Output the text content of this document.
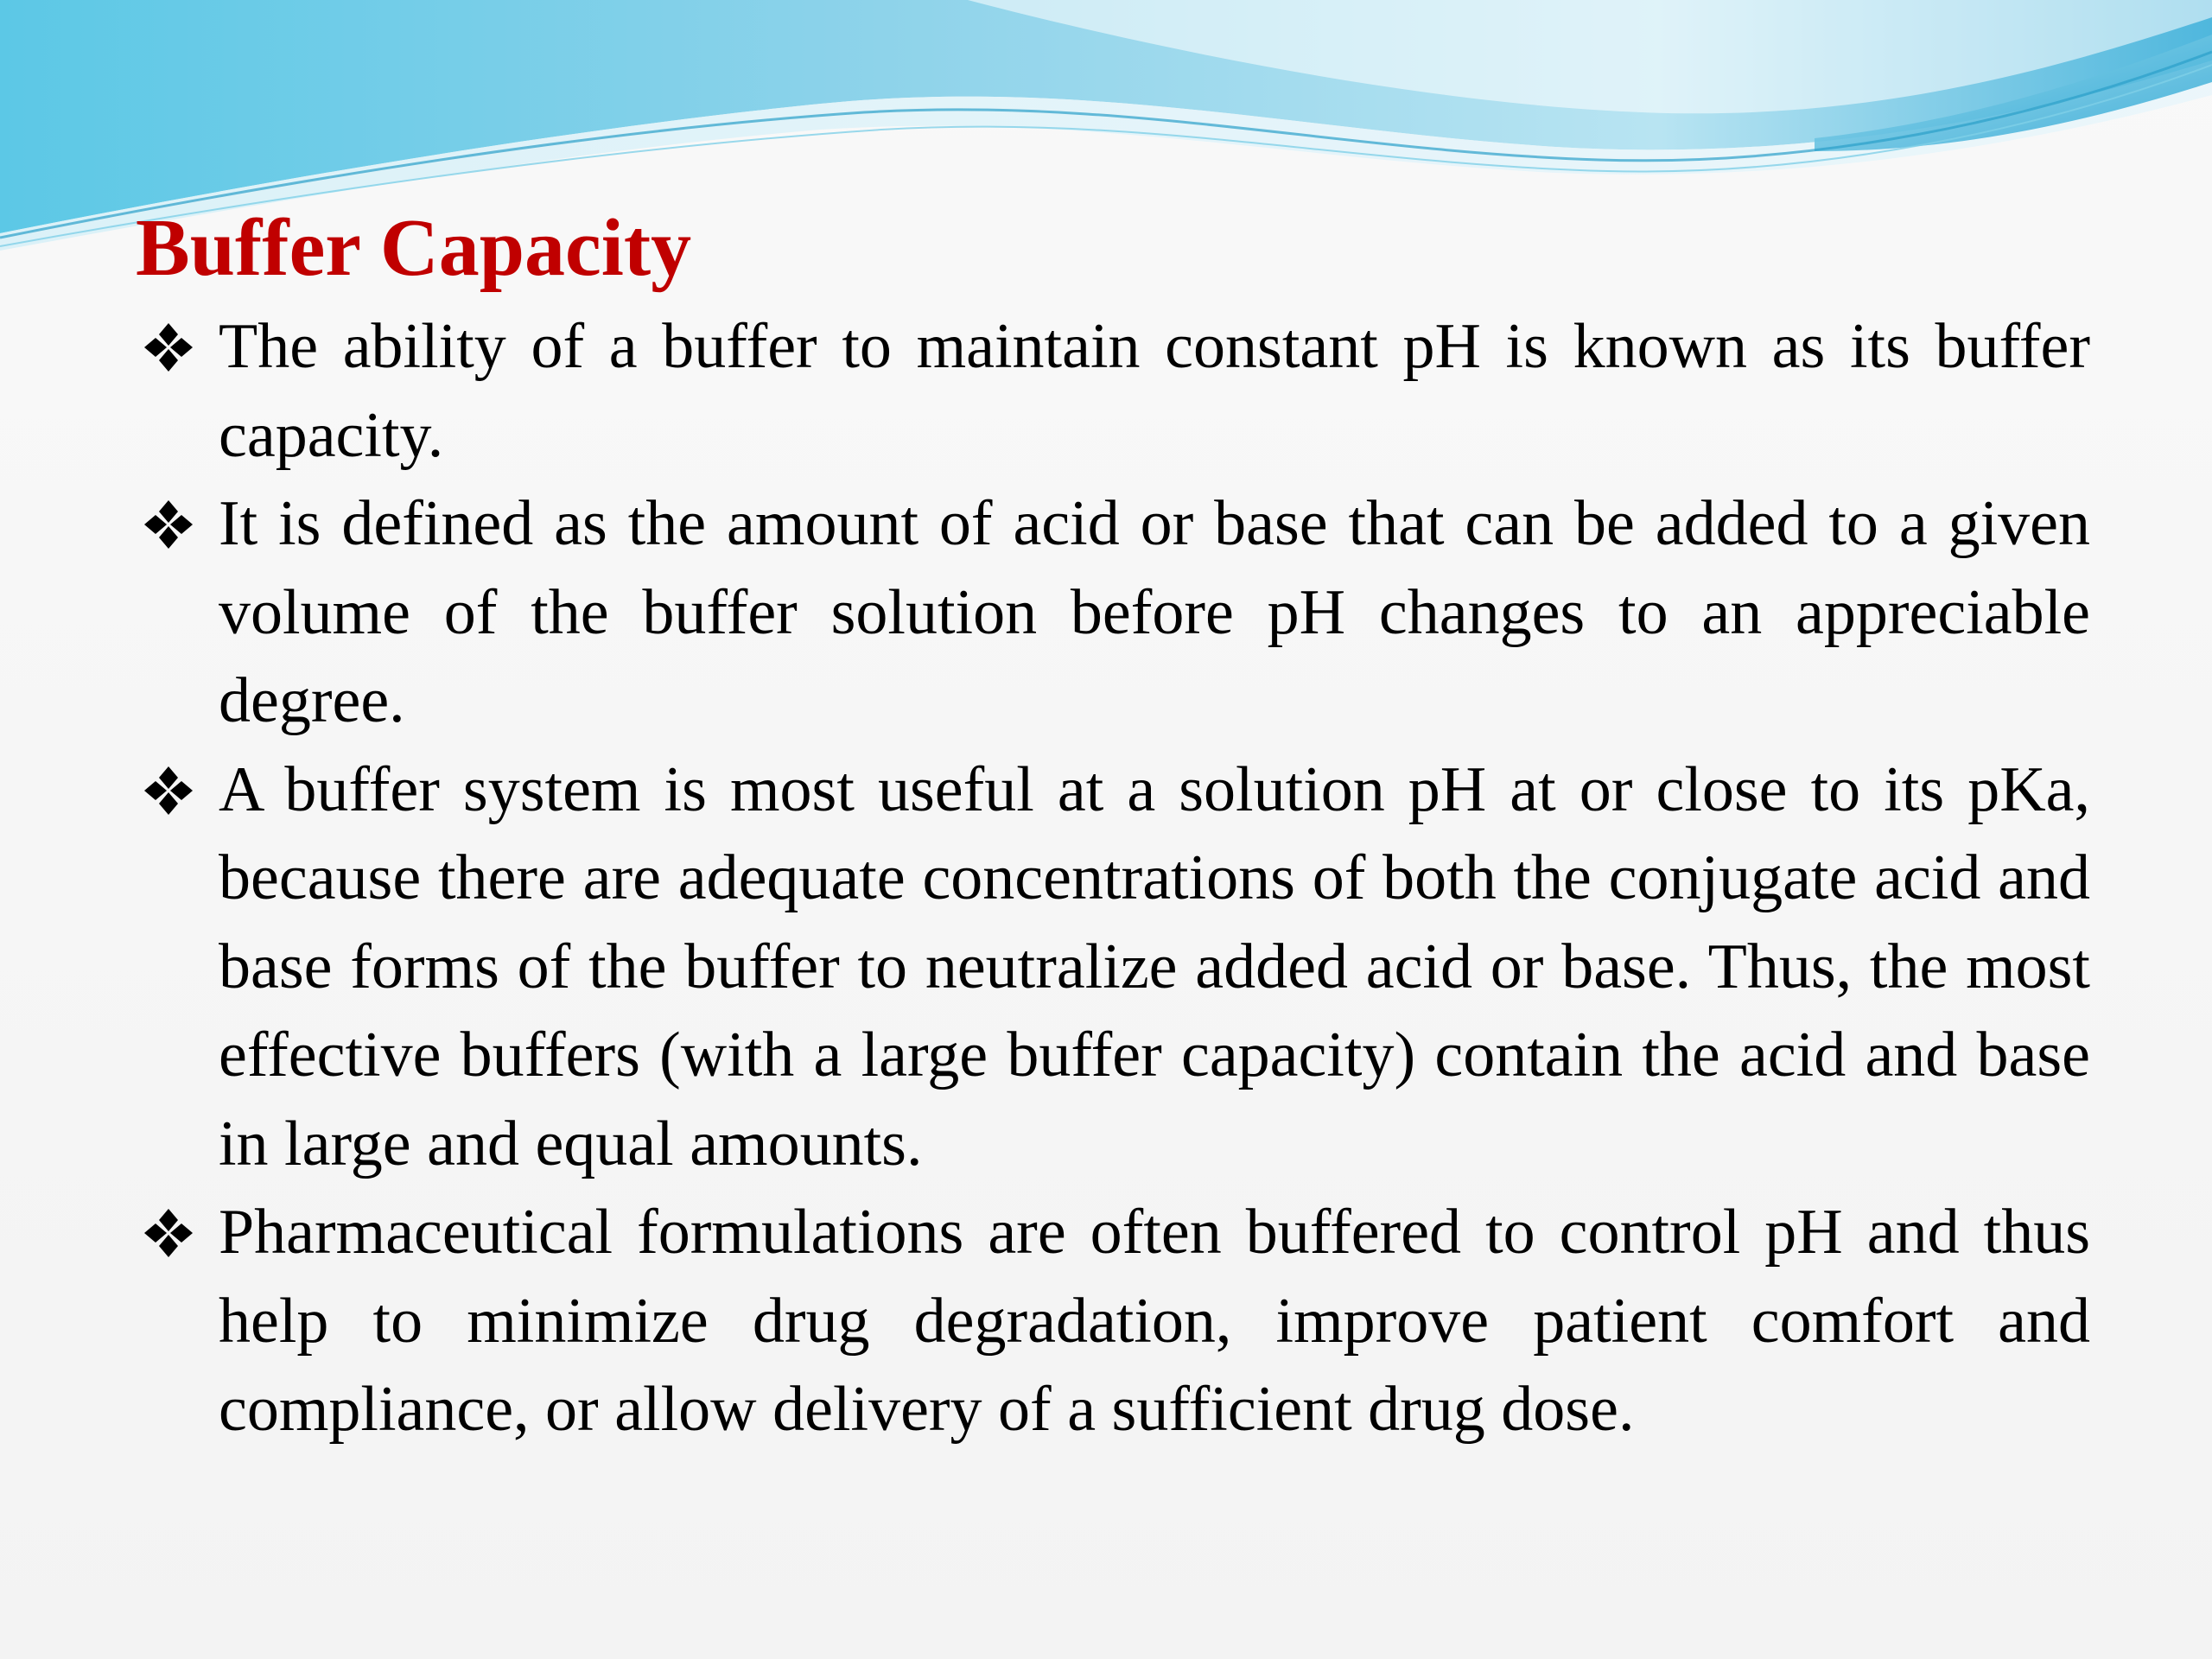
Buffer Capacity
The ability of a buffer to maintain constant pH is known as its buffer capacity.
It is defined as the amount of acid or base that can be added to a given volume of the buffer solution before pH changes to an appreciable degree.
A buffer system is most useful at a solution pH at or close to its pKa, because there are adequate concentrations of both the conjugate acid and base forms of the buffer to neutralize added acid or base. Thus, the most effective buffers (with a large buffer capacity) contain the acid and base in large and equal amounts.
Pharmaceutical formulations are often buffered to control pH and thus help to minimize drug degradation, improve patient comfort and compliance, or allow delivery of a sufficient drug dose.
